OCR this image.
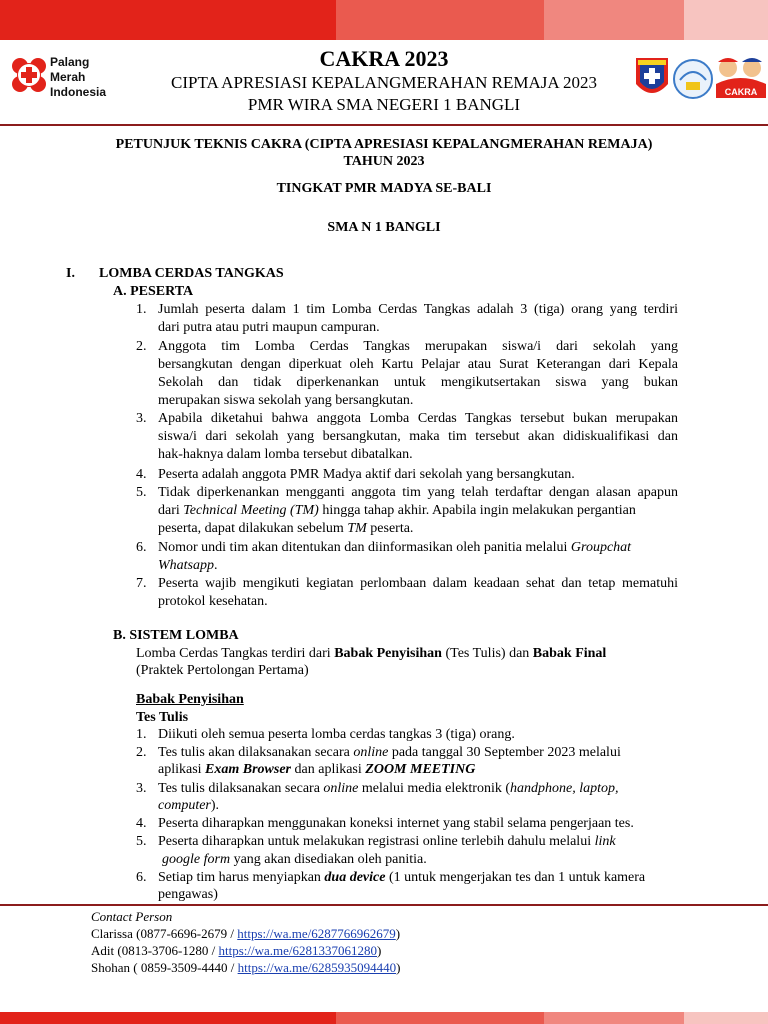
Palang
Merah
Indonesia
CAKRA 2023
CIPTA APRESIASI KEPALANGMERAHAN REMAJA 2023
PMR WIRA SMA NEGERI 1 BANGLI
CAKRA
PETUNJUK TEKNIS CAKRA (CIPTA APRESIASI KEPALANGMERAHAN REMAJA)
TAHUN 2023
TINGKAT PMR MADYA SE-BALI
SMA N 1 BANGLI
I. LOMBA CERDAS TANGKAS
A. PESERTA
1. Jumlah peserta dalam 1 tim Lomba Cerdas Tangkas adalah 3 (tiga) orang yang terdiri
dari putra atau putri maupun campuran.
2. Anggota tim Lomba Cerdas Tangkas merupakan siswa/i dari sekolah yang
bersangkutan dengan diperkuat oleh Kartu Pelajar atau Surat Keterangan dari Kepala
Sekolah dan tidak diperkenankan untuk mengikutsertakan siswa yang bukan
merupakan siswa sekolah yang bersangkutan.
3. Apabila diketahui bahwa anggota Lomba Cerdas Tangkas tersebut bukan merupakan
siswa/i dari sekolah yang bersangkutan, maka tim tersebut akan didiskualifikasi dan
hak-haknya dalam lomba tersebut dibatalkan.
4. Peserta adalah anggota PMR Madya aktif dari sekolah yang bersangkutan.
5. Tidak diperkenankan mengganti anggota tim yang telah terdaftar dengan alasan apapun
dari Technical Meeting (TM) hingga tahap akhir. Apabila ingin melakukan pergantian
peserta, dapat dilakukan sebelum TM peserta.
6. Nomor undi tim akan ditentukan dan diinformasikan oleh panitia melalui Groupchat
Whatsapp.
7. Peserta wajib mengikuti kegiatan perlombaan dalam keadaan sehat dan tetap mematuhi
protokol kesehatan.
B. SISTEM LOMBA
Lomba Cerdas Tangkas terdiri dari Babak Penyisihan (Tes Tulis) dan Babak Final
(Praktek Pertolongan Pertama)
Babak Penyisihan
Tes Tulis
1. Diikuti oleh semua peserta lomba cerdas tangkas 3 (tiga) orang.
2. Tes tulis akan dilaksanakan secara online pada tanggal 30 September 2023 melalui
aplikasi Exam Browser dan aplikasi ZOOM MEETING
3. Tes tulis dilaksanakan secara online melalui media elektronik (handphone, laptop,
computer).
4. Peserta diharapkan menggunakan koneksi internet yang stabil selama pengerjaan tes.
5. Peserta diharapkan untuk melakukan registrasi online terlebih dahulu melalui link
google form yang akan disediakan oleh panitia.
6. Setiap tim harus menyiapkan dua device (1 untuk mengerjakan tes dan 1 untuk kamera
pengawas)
Contact Person
Clarissa (0877-6696-2679 / https://wa.me/6287766962679)
Adit (0813-3706-1280 / https://wa.me/6281337061280)
Shohan ( 0859-3509-4440 / https://wa.me/6285935094440)
